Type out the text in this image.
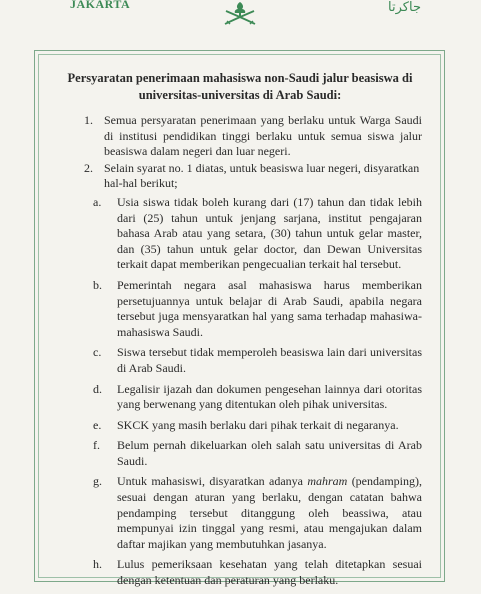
JAKARTA	جاكرتا
Persyaratan penerimaan mahasiswa non-Saudi jalur beasiswa di
universitas-universitas di Arab Saudi:
1. Semua persyaratan penerimaan yang berlaku untuk Warga Saudi di institusi pendidikan tinggi berlaku untuk semua siswa jalur beasiswa dalam negeri dan luar negeri.
2. Selain syarat no. 1 diatas, untuk beasiswa luar negeri, disyaratkan hal-hal berikut;
a. Usia siswa tidak boleh kurang dari (17) tahun dan tidak lebih dari (25) tahun untuk jenjang sarjana, institut pengajaran bahasa Arab atau yang setara, (30) tahun untuk gelar master, dan (35) tahun untuk gelar doctor, dan Dewan Universitas terkait dapat memberikan pengecualian terkait hal tersebut.
b. Pemerintah negara asal mahasiswa harus memberikan persetujuannya untuk belajar di Arab Saudi, apabila negara tersebut juga mensyaratkan hal yang sama terhadap mahasiwa-mahasiswa Saudi.
c. Siswa tersebut tidak memperoleh beasiswa lain dari universitas di Arab Saudi.
d. Legalisir ijazah dan dokumen pengesehan lainnya dari otoritas yang berwenang yang ditentukan oleh pihak universitas.
e. SKCK yang masih berlaku dari pihak terkait di negaranya.
f. Belum pernah dikeluarkan oleh salah satu universitas di Arab Saudi.
g. Untuk mahasiswi, disyaratkan adanya mahram (pendamping), sesuai dengan aturan yang berlaku, dengan catatan bahwa pendamping tersebut ditanggung oleh beassiwa, atau mempunyai izin tinggal yang resmi, atau mengajukan dalam daftar majikan yang membutuhkan jasanya.
h. Lulus pemeriksaan kesehatan yang telah ditetapkan sesuai dengan ketentuan dan peraturan yang berlaku.
